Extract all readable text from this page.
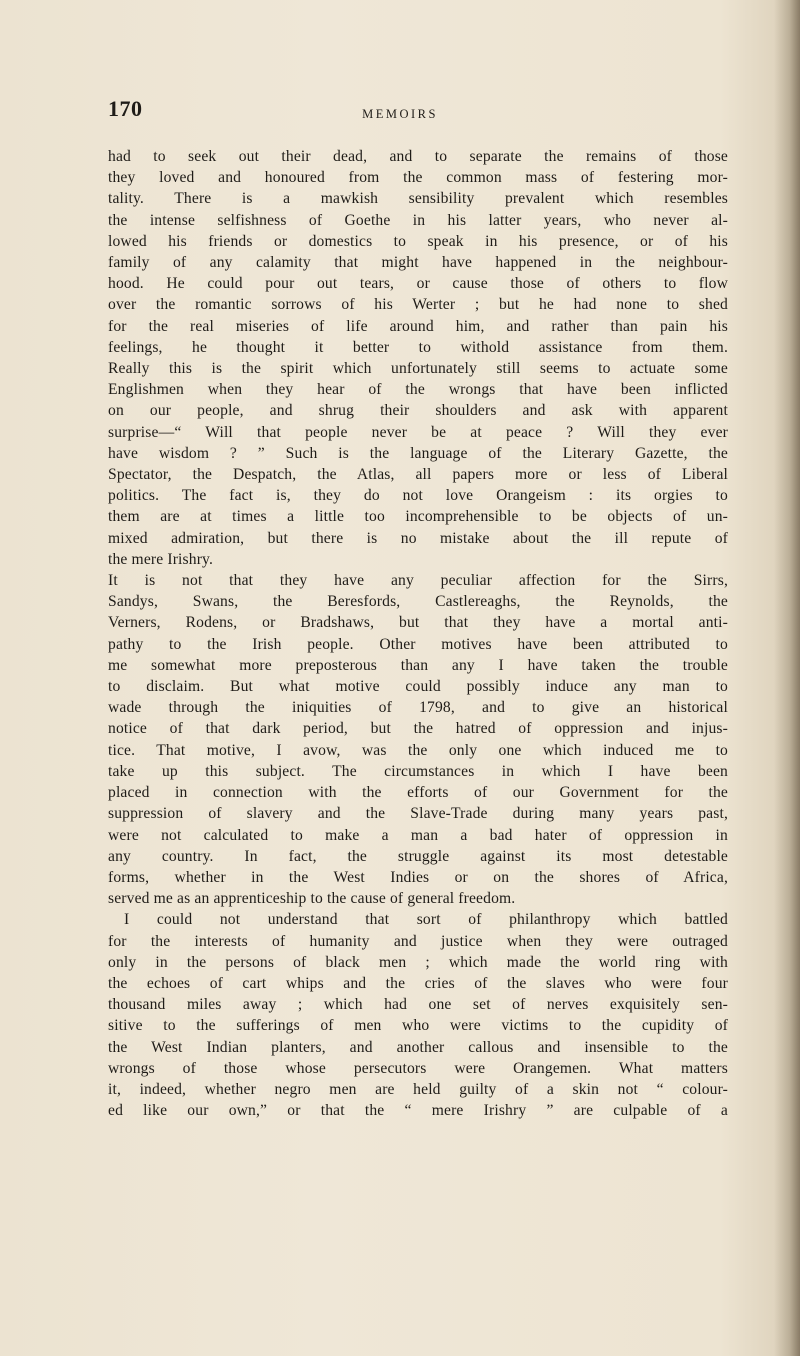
170	MEMOIRS
had to seek out their dead, and to separate the remains of those
they loved and honoured from the common mass of festering mor-
tality. There is a mawkish sensibility prevalent which resembles
the intense selfishness of Goethe in his latter years, who never al-
lowed his friends or domestics to speak in his presence, or of his
family of any calamity that might have happened in the neighbour-
hood. He could pour out tears, or cause those of others to flow
over the romantic sorrows of his Werter ; but he had none to shed
for the real miseries of life around him, and rather than pain his
feelings, he thought it better to withold assistance from them.
Really this is the spirit which unfortunately still seems to actuate some
Englishmen when they hear of the wrongs that have been inflicted
on our people, and shrug their shoulders and ask with apparent
surprise—“ Will that people never be at peace ? Will they ever
have wisdom ? ” Such is the language of the Literary Gazette, the
Spectator, the Despatch, the Atlas, all papers more or less of Liberal
politics. The fact is, they do not love Orangeism : its orgies to
them are at times a little too incomprehensible to be objects of un-
mixed admiration, but there is no mistake about the ill repute of
the mere Irishry.
It is not that they have any peculiar affection for the Sirrs,
Sandys, Swans, the Beresfords, Castlereaghs, the Reynolds, the
Verners, Rodens, or Bradshaws, but that they have a mortal anti-
pathy to the Irish people. Other motives have been attributed to
me somewhat more preposterous than any I have taken the trouble
to disclaim. But what motive could possibly induce any man to
wade through the iniquities of 1798, and to give an historical
notice of that dark period, but the hatred of oppression and injus-
tice. That motive, I avow, was the only one which induced me to
take up this subject. The circumstances in which I have been
placed in connection with the efforts of our Government for the
suppression of slavery and the Slave-Trade during many years past,
were not calculated to make a man a bad hater of oppression in
any country. In fact, the struggle against its most detestable
forms, whether in the West Indies or on the shores of Africa,
served me as an apprenticeship to the cause of general freedom.
I could not understand that sort of philanthropy which battled
for the interests of humanity and justice when they were outraged
only in the persons of black men ; which made the world ring with
the echoes of cart whips and the cries of the slaves who were four
thousand miles away ; which had one set of nerves exquisitely sen-
sitive to the sufferings of men who were victims to the cupidity of
the West Indian planters, and another callous and insensible to the
wrongs of those whose persecutors were Orangemen. What matters
it, indeed, whether negro men are held guilty of a skin not “ colour-
ed like our own,” or that the “ mere Irishry ” are culpable of a
